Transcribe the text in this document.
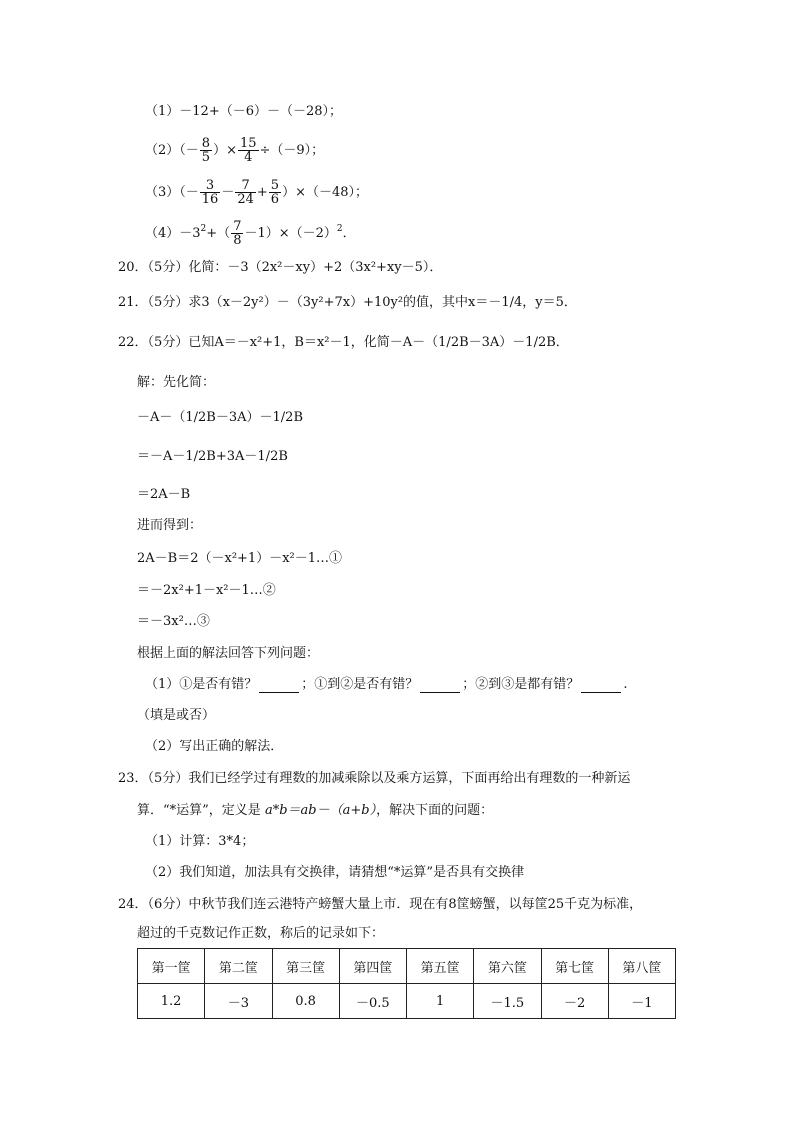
（1）－12+（－6）－（－28）；
$(2)(- \frac{8}{5}$ ）× $\frac{15}{4} \div(-9)$；
$(3)(- \frac{3}{16} - \frac{7}{24} + \frac{5}{6} )\times(-48)$；
$(4)-3^2+( \frac{7}{8} -1)\times(-2)^2$．
20．（5分）化简：－3（2x²－xy）+2（3x²+xy－5）．
21．（5分）求3（x－2y²）－（3y²+7x）+10y²的值，其中x＝－1/4，y＝5．
22．（5分）已知A＝－x²+1，B＝x²－1，化简－A－（1/2B－3A）－1/2B．
解：先化简：
－A－（1/2B－3A）－1/2B
＝－A－1/2B+3A－1/2B
＝2A－B
进而得到：
2A－B＝2（－x²+1）－x²－1…①
＝－2x²+1－x²－1…②
＝－3x²…③
根据上面的解法回答下列问题：
（1）①是否有错？	；①到②是否有错？	；②到③是都有错？	.
（填是或否）
（2）写出正确的解法．
23．（5分）我们已经学过有理数的加减乘除以及乘方运算，下面再给出有理数的一种新运
算．“*运算”，定义是 a*b＝ab－（a+b），解决下面的问题：
（1）计算：3*4；
（2）我们知道，加法具有交换律，请猜想“*运算”是否具有交换律
24．（6分）中秋节我们连云港特产螃蟹大量上市．现在有8筐螃蟹，以每筐25千克为标准，
超过的千克数记作正数，称后的记录如下：
第一筐	第二筐	第三筐	第四筐	第五筐	第六筐	第七筐	第八筐
1.2	－3	0.8	－0.5	1	－1.5	－2	－1
